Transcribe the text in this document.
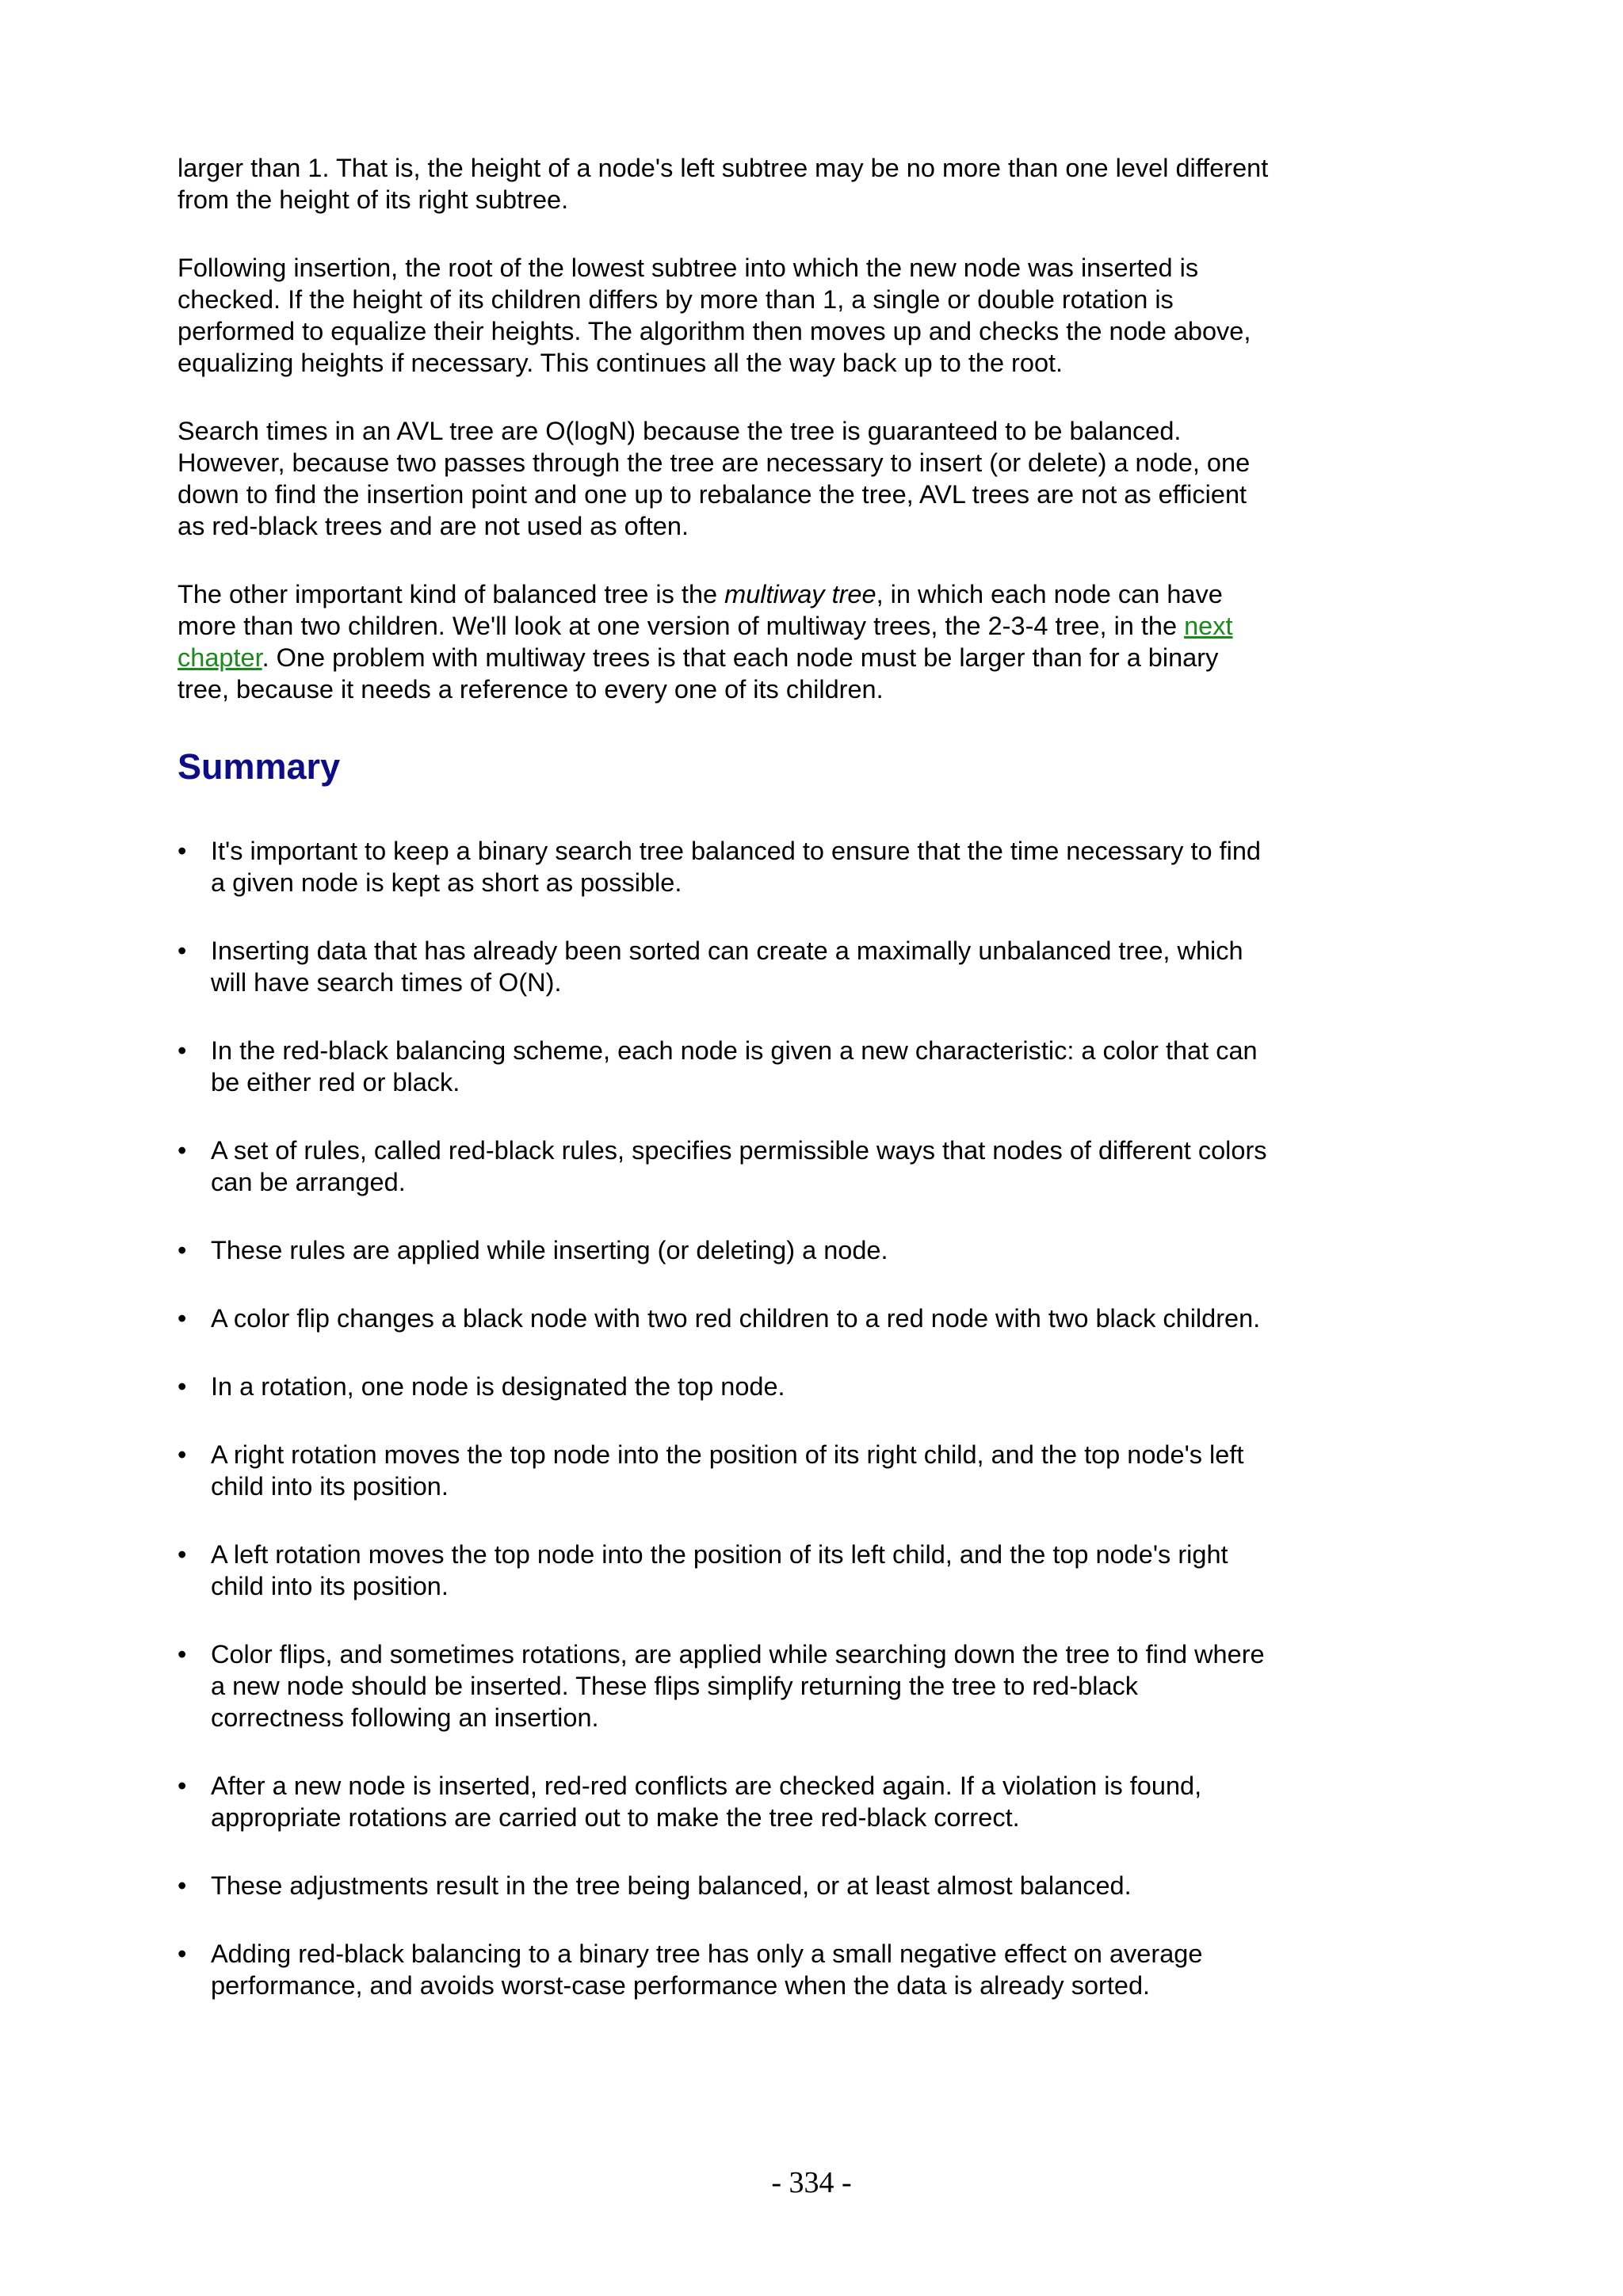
larger than 1. That is, the height of a node's left subtree may be no more than one level different from the height of its right subtree.

Following insertion, the root of the lowest subtree into which the new node was inserted is checked. If the height of its children differs by more than 1, a single or double rotation is performed to equalize their heights. The algorithm then moves up and checks the node above, equalizing heights if necessary. This continues all the way back up to the root.

Search times in an AVL tree are O(logN) because the tree is guaranteed to be balanced. However, because two passes through the tree are necessary to insert (or delete) a node, one down to find the insertion point and one up to rebalance the tree, AVL trees are not as efficient as red-black trees and are not used as often.

The other important kind of balanced tree is the multiway tree, in which each node can have more than two children. We'll look at one version of multiway trees, the 2-3-4 tree, in the next chapter. One problem with multiway trees is that each node must be larger than for a binary tree, because it needs a reference to every one of its children.

Summary
• It's important to keep a binary search tree balanced to ensure that the time necessary to find a given node is kept as short as possible.
• Inserting data that has already been sorted can create a maximally unbalanced tree, which will have search times of O(N).
• In the red-black balancing scheme, each node is given a new characteristic: a color that can be either red or black.
• A set of rules, called red-black rules, specifies permissible ways that nodes of different colors can be arranged.
• These rules are applied while inserting (or deleting) a node.
• A color flip changes a black node with two red children to a red node with two black children.
• In a rotation, one node is designated the top node.
• A right rotation moves the top node into the position of its right child, and the top node's left child into its position.
• A left rotation moves the top node into the position of its left child, and the top node's right child into its position.
• Color flips, and sometimes rotations, are applied while searching down the tree to find where a new node should be inserted. These flips simplify returning the tree to red-black correctness following an insertion.
• After a new node is inserted, red-red conflicts are checked again. If a violation is found, appropriate rotations are carried out to make the tree red-black correct.
• These adjustments result in the tree being balanced, or at least almost balanced.
• Adding red-black balancing to a binary tree has only a small negative effect on average performance, and avoids worst-case performance when the data is already sorted.
- 334 -
